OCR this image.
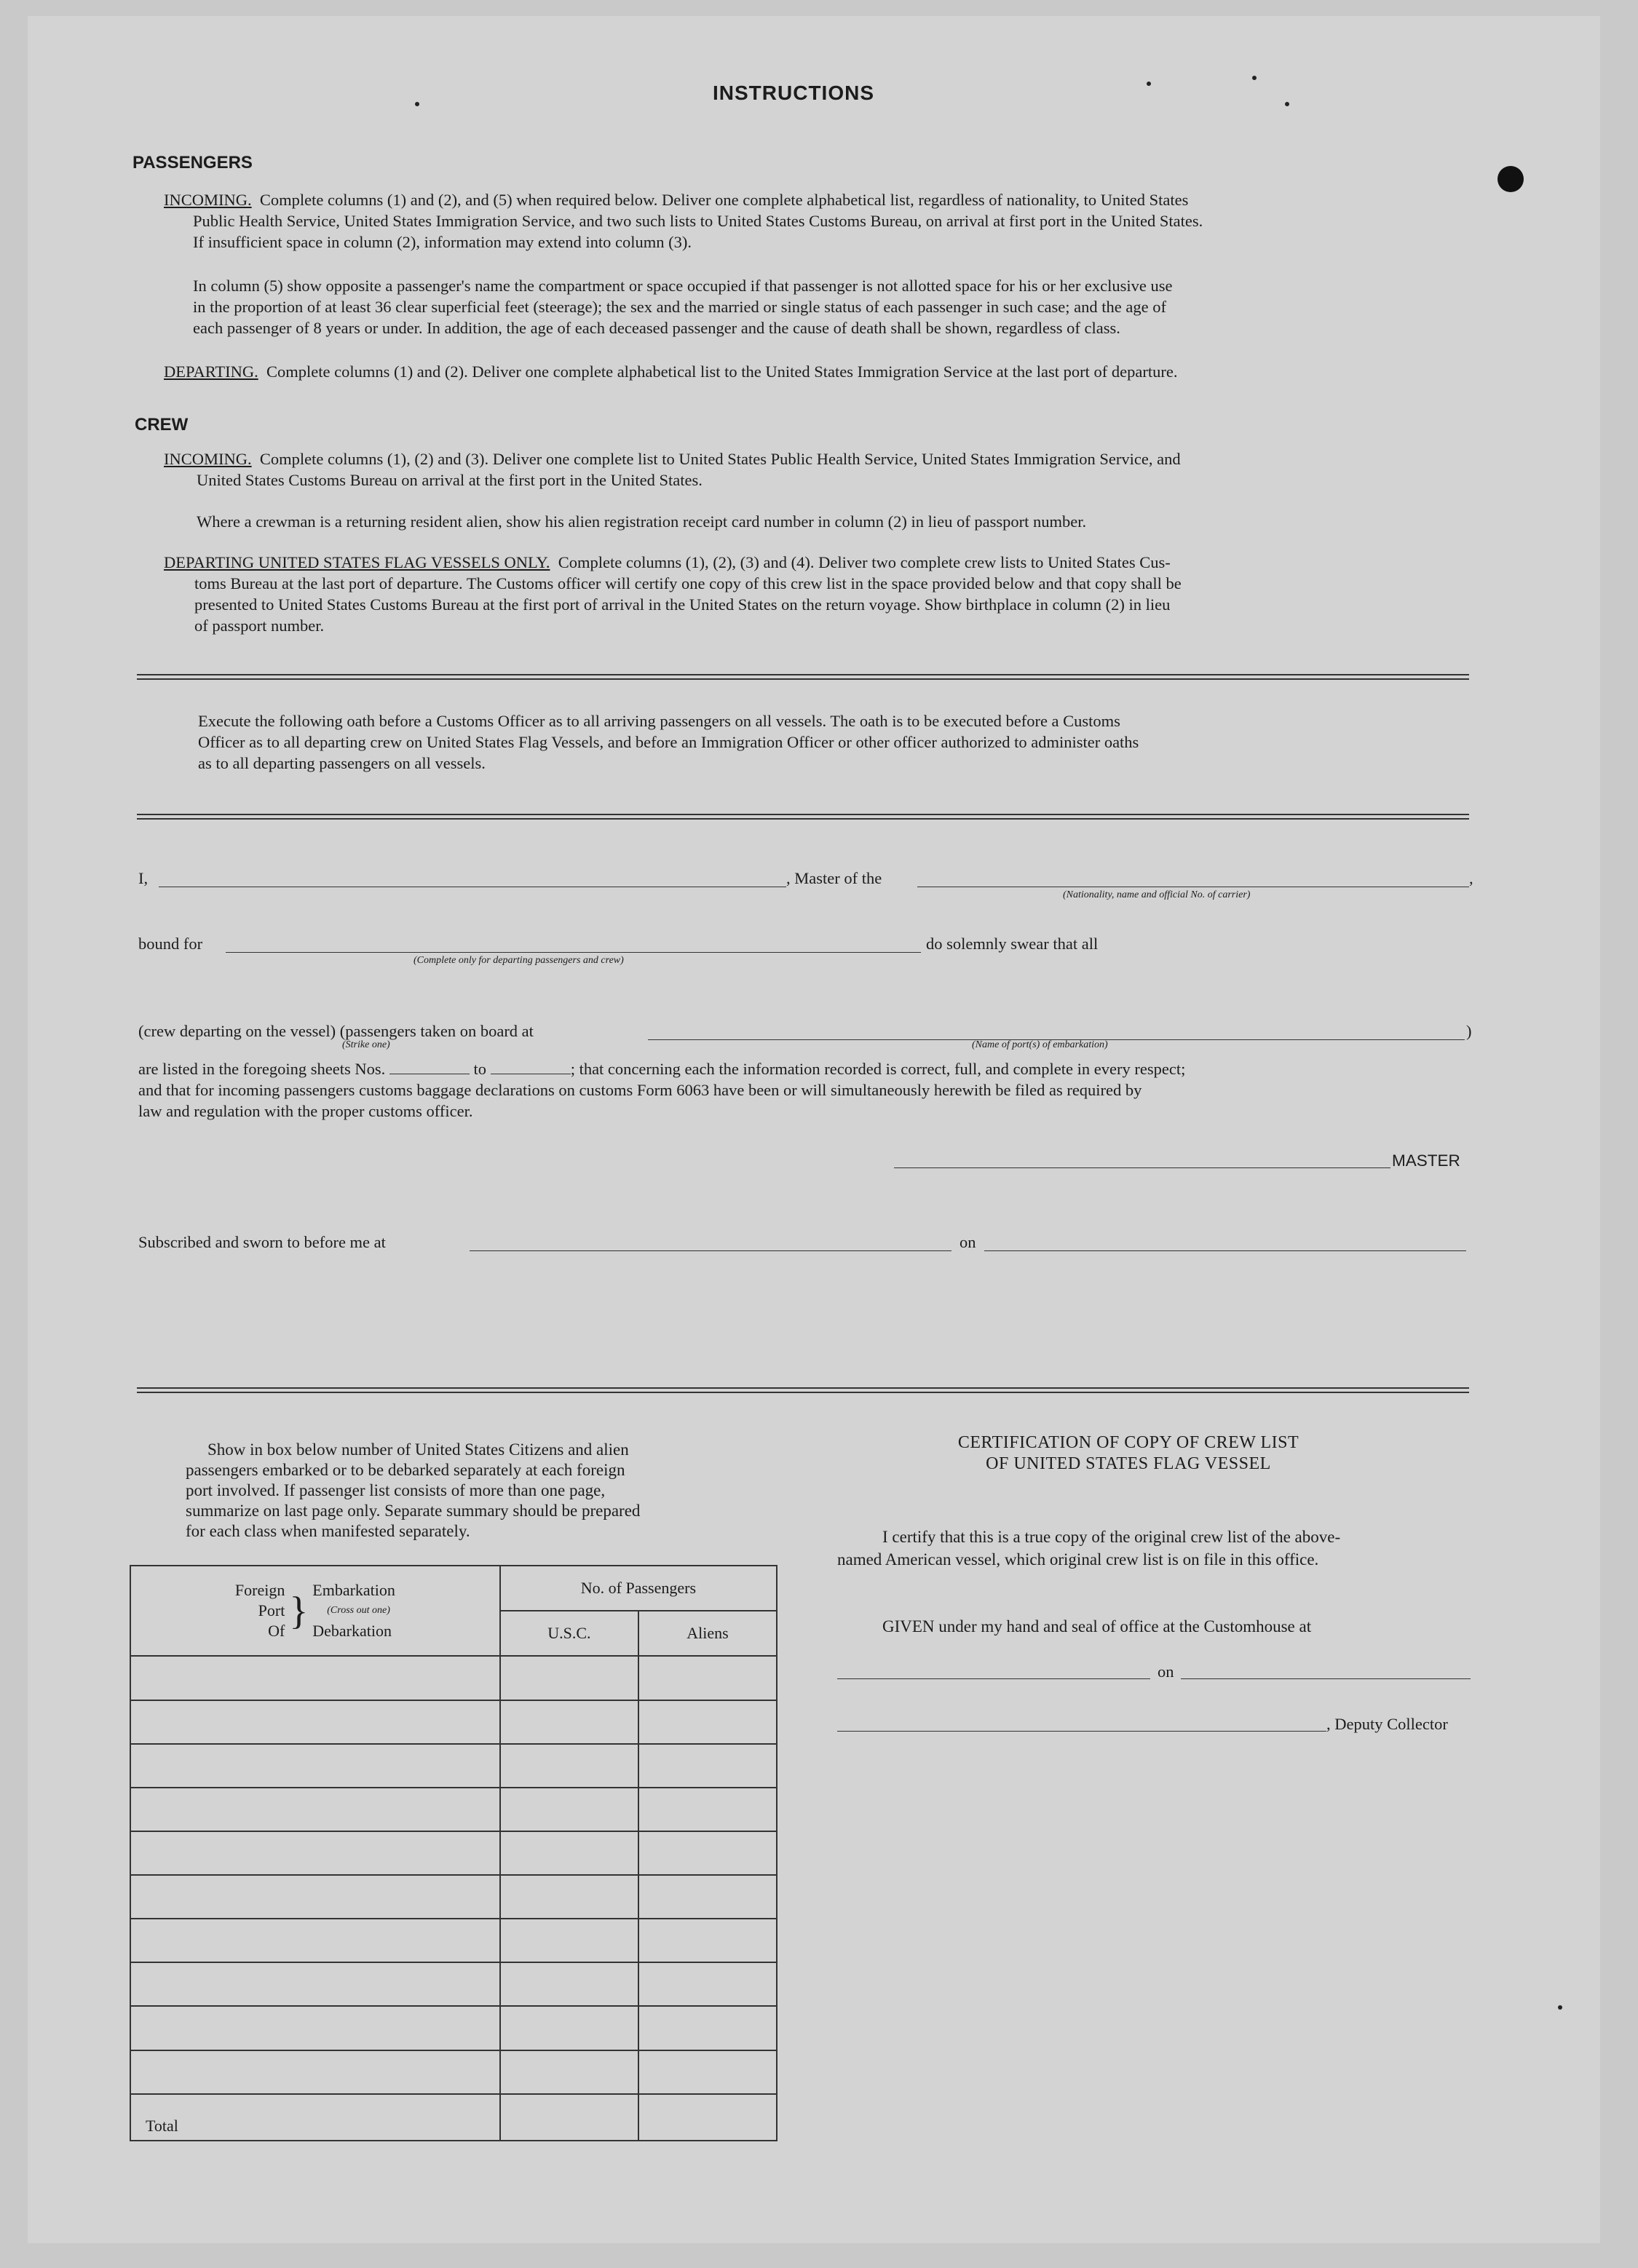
INSTRUCTIONS
PASSENGERS
INCOMING. Complete columns (1) and (2), and (5) when required below. Deliver one complete alphabetical list, regardless of nationality, to United States
Public Health Service, United States Immigration Service, and two such lists to United States Customs Bureau, on arrival at first port in the United States.
If insufficient space in column (2), information may extend into column (3).
In column (5) show opposite a passenger's name the compartment or space occupied if that passenger is not allotted space for his or her exclusive use
in the proportion of at least 36 clear superficial feet (steerage); the sex and the married or single status of each passenger in such case; and the age of
each passenger of 8 years or under. In addition, the age of each deceased passenger and the cause of death shall be shown, regardless of class.
DEPARTING. Complete columns (1) and (2). Deliver one complete alphabetical list to the United States Immigration Service at the last port of departure.
CREW
INCOMING. Complete columns (1), (2) and (3). Deliver one complete list to United States Public Health Service, United States Immigration Service, and
United States Customs Bureau on arrival at the first port in the United States.
Where a crewman is a returning resident alien, show his alien registration receipt card number in column (2) in lieu of passport number.
DEPARTING UNITED STATES FLAG VESSELS ONLY. Complete columns (1), (2), (3) and (4). Deliver two complete crew lists to United States Cus-
toms Bureau at the last port of departure. The Customs officer will certify one copy of this crew list in the space provided below and that copy shall be
presented to United States Customs Bureau at the first port of arrival in the United States on the return voyage. Show birthplace in column (2) in lieu
of passport number.
Execute the following oath before a Customs Officer as to all arriving passengers on all vessels. The oath is to be executed before a Customs
Officer as to all departing crew on United States Flag Vessels, and before an Immigration Officer or other officer authorized to administer oaths
as to all departing passengers on all vessels.
I,	, Master of the	,
(Nationality, name and official No. of carrier)
bound for	do solemnly swear that all
(Complete only for departing passengers and crew)
(crew departing on the vessel) (passengers taken on board at	)
(Strike one)	(Name of port(s) of embarkation)
are listed in the foregoing sheets Nos.	to	; that concerning each the information recorded is correct, full, and complete in every respect;
and that for incoming passengers customs baggage declarations on customs Form 6063 have been or will simultaneously herewith be filed as required by
law and regulation with the proper customs officer.
MASTER
Subscribed and sworn to before me at	on
Show in box below number of United States Citizens and alien
passengers embarked or to be debarked separately at each foreign
port involved. If passenger list consists of more than one page,
summarize on last page only. Separate summary should be prepared
for each class when manifested separately.
Foreign
Port
Of	}	Embarkation
(Cross out one)
Debarkation
	No. of Passengers
U.S.C.	Aliens

Total		
CERTIFICATION OF COPY OF CREW LIST
OF UNITED STATES FLAG VESSEL
I certify that this is a true copy of the original crew list of the above-
named American vessel, which original crew list is on file in this office.
GIVEN under my hand and seal of office at the Customhouse at
on
, Deputy Collector
